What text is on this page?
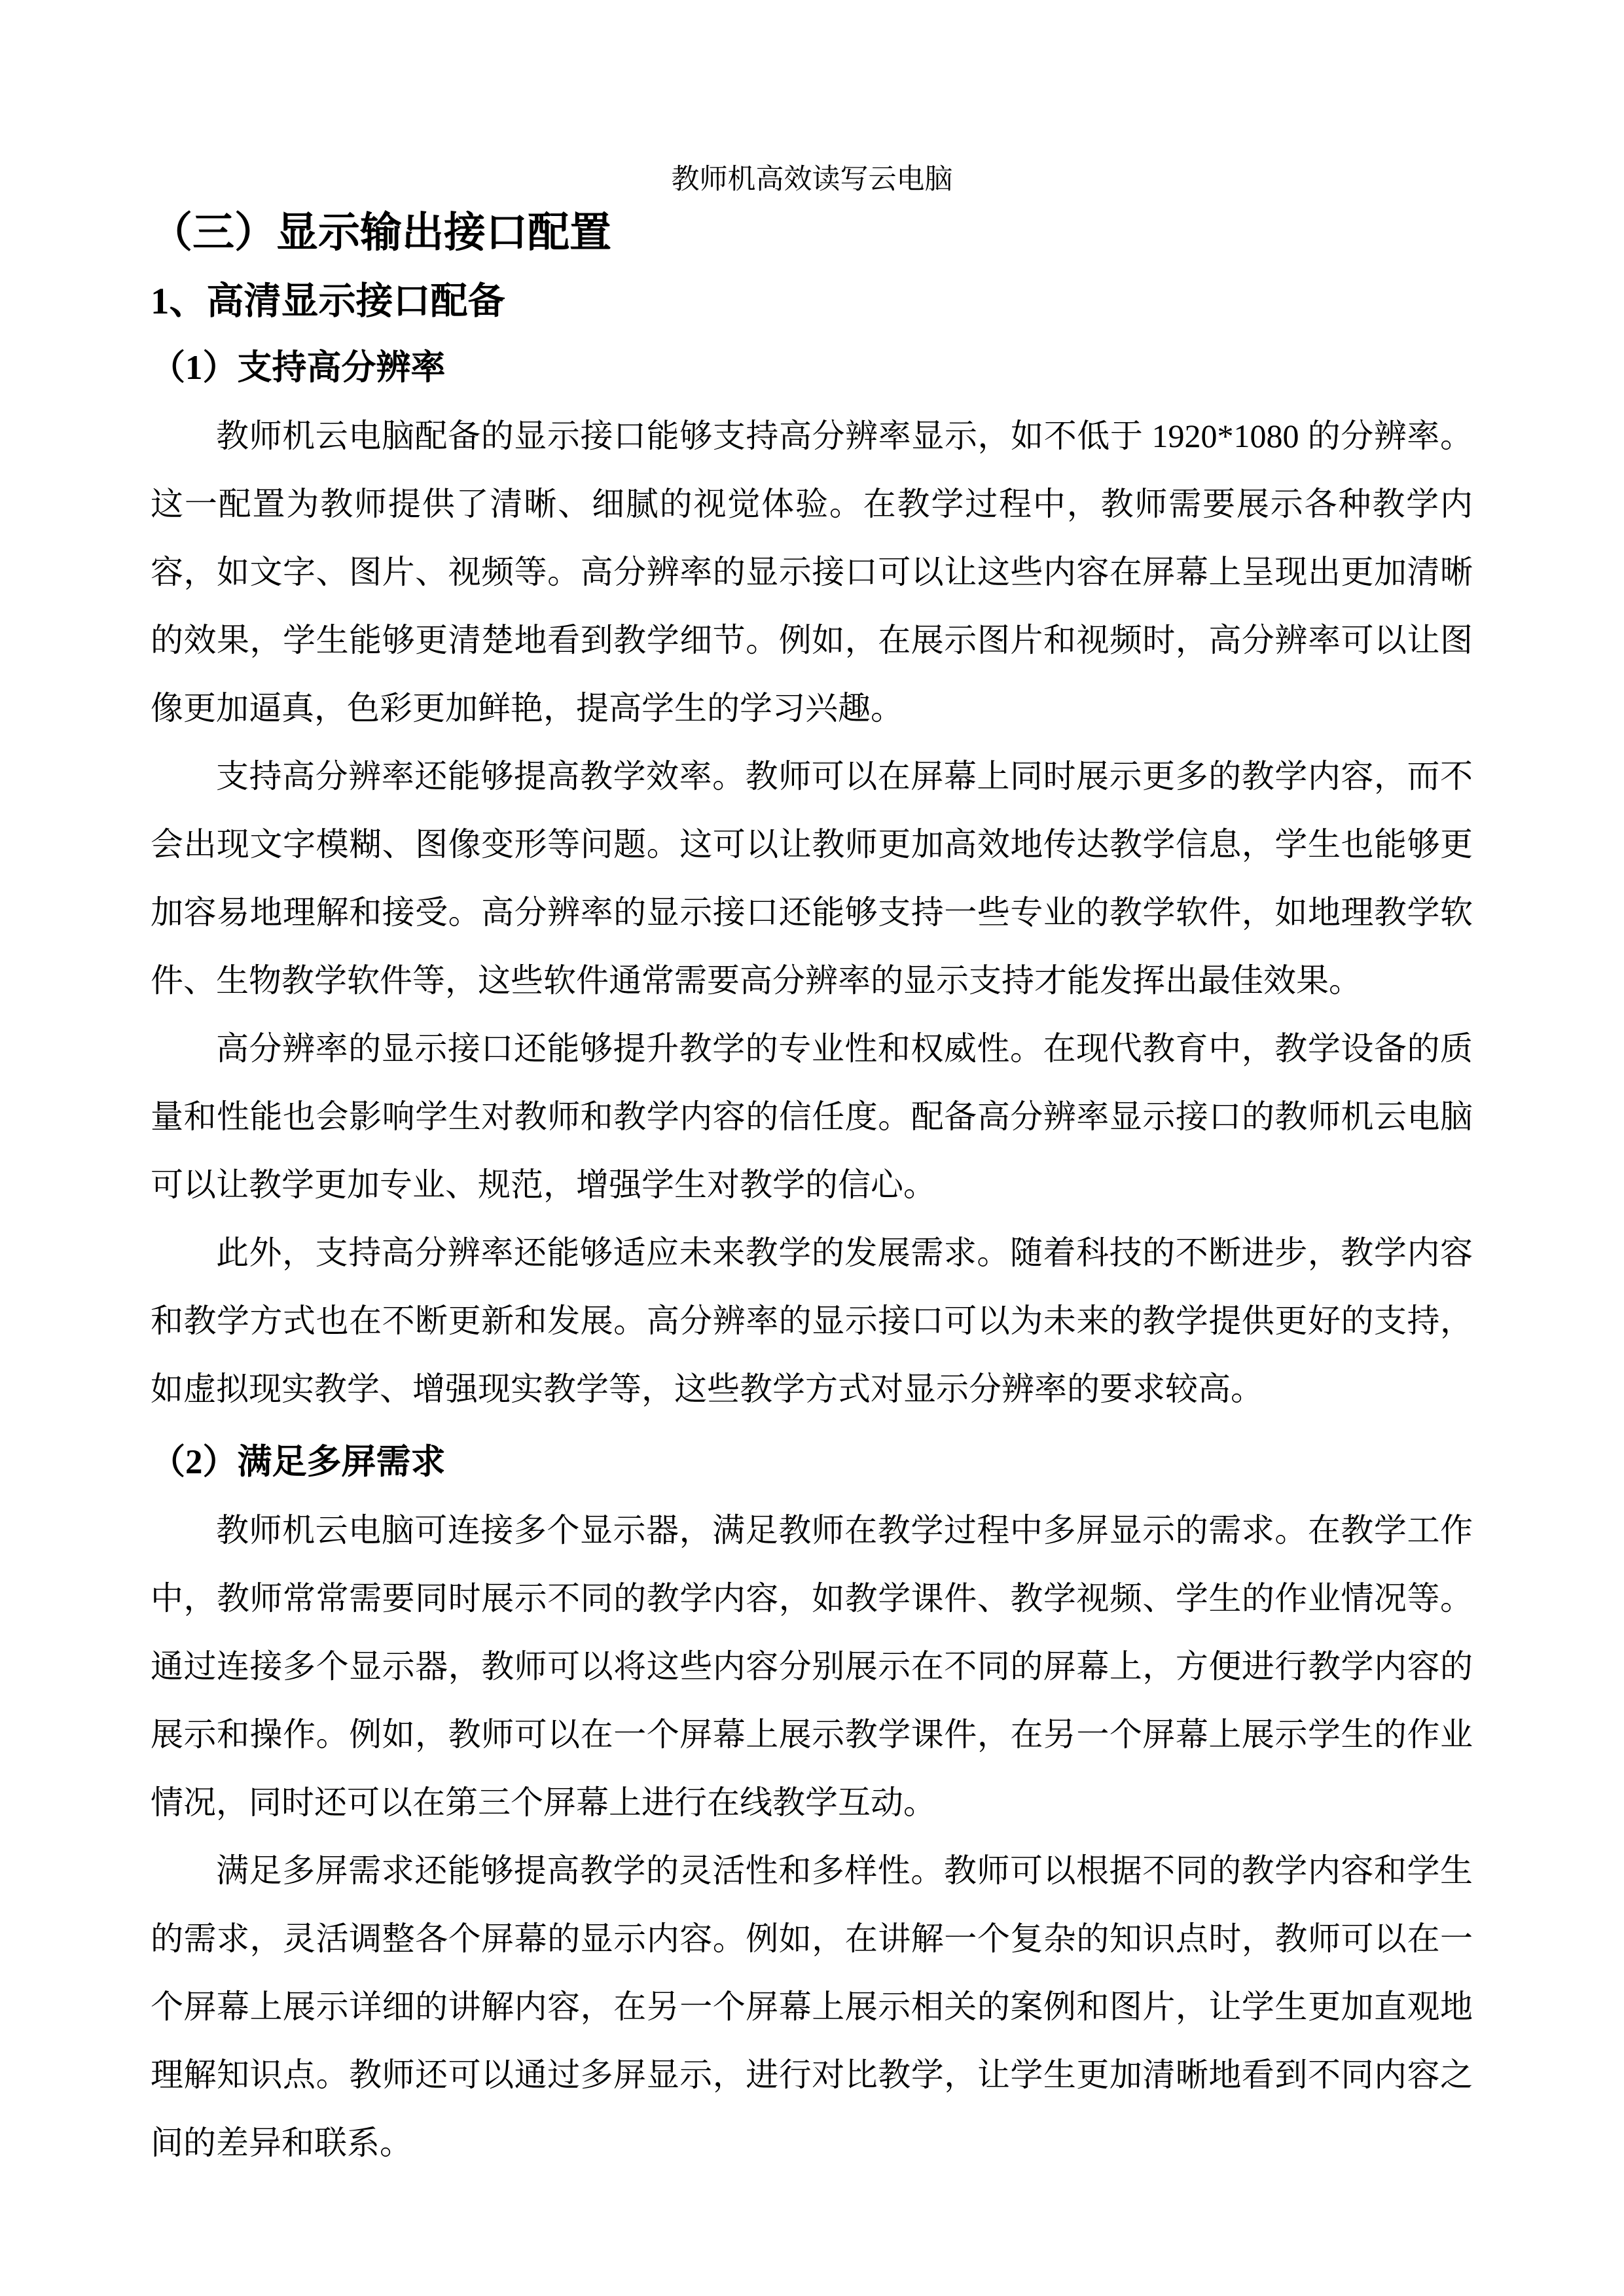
教师机高效读写云电脑
（三）显示输出接口配置
1、高清显示接口配备
（1）支持高分辨率

教师机云电脑配备的显示接口能够支持高分辨率显示，如不低于 1920*1080 的分辨率。这一配置为教师提供了清晰、细腻的视觉体验。在教学过程中，教师需要展示各种教学内容，如文字、图片、视频等。高分辨率的显示接口可以让这些内容在屏幕上呈现出更加清晰的效果，学生能够更清楚地看到教学细节。例如，在展示图片和视频时，高分辨率可以让图像更加逼真，色彩更加鲜艳，提高学生的学习兴趣。

支持高分辨率还能够提高教学效率。教师可以在屏幕上同时展示更多的教学内容，而不会出现文字模糊、图像变形等问题。这可以让教师更加高效地传达教学信息，学生也能够更加容易地理解和接受。高分辨率的显示接口还能够支持一些专业的教学软件，如地理教学软件、生物教学软件等，这些软件通常需要高分辨率的显示支持才能发挥出最佳效果。

高分辨率的显示接口还能够提升教学的专业性和权威性。在现代教育中，教学设备的质量和性能也会影响学生对教师和教学内容的信任度。配备高分辨率显示接口的教师机云电脑可以让教学更加专业、规范，增强学生对教学的信心。

此外，支持高分辨率还能够适应未来教学的发展需求。随着科技的不断进步，教学内容和教学方式也在不断更新和发展。高分辨率的显示接口可以为未来的教学提供更好的支持，如虚拟现实教学、增强现实教学等，这些教学方式对显示分辨率的要求较高。

（2）满足多屏需求

教师机云电脑可连接多个显示器，满足教师在教学过程中多屏显示的需求。在教学工作中，教师常常需要同时展示不同的教学内容，如教学课件、教学视频、学生的作业情况等。通过连接多个显示器，教师可以将这些内容分别展示在不同的屏幕上，方便进行教学内容的展示和操作。例如，教师可以在一个屏幕上展示教学课件，在另一个屏幕上展示学生的作业情况，同时还可以在第三个屏幕上进行在线教学互动。

满足多屏需求还能够提高教学的灵活性和多样性。教师可以根据不同的教学内容和学生的需求，灵活调整各个屏幕的显示内容。例如，在讲解一个复杂的知识点时，教师可以在一个屏幕上展示详细的讲解内容，在另一个屏幕上展示相关的案例和图片，让学生更加直观地理解知识点。教师还可以通过多屏显示，进行对比教学，让学生更加清晰地看到不同内容之间的差异和联系。
